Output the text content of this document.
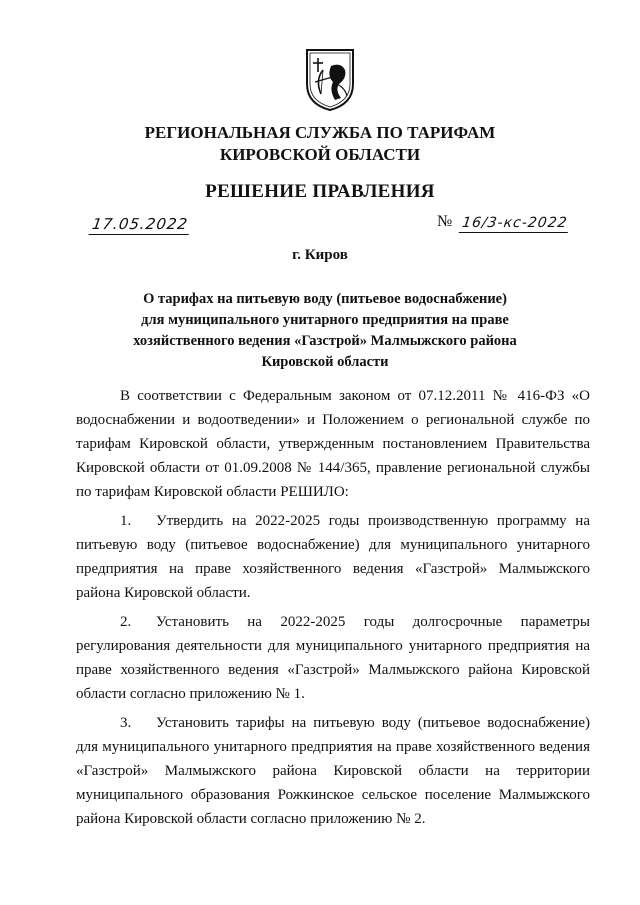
РЕГИОНАЛЬНАЯ СЛУЖБА ПО ТАРИФАМ
КИРОВСКОЙ ОБЛАСТИ
РЕШЕНИЕ ПРАВЛЕНИЯ
17.05.2022	№ 16/3-кс-2022
г. Киров
О тарифах на питьевую воду (питьевое водоснабжение)
для муниципального унитарного предприятия на праве
хозяйственного ведения «Газстрой» Малмыжского района
Кировской области

В соответствии с Федеральным законом от 07.12.2011 № 416-ФЗ «О водоснабжении и водоотведении» и Положением о региональной службе по тарифам Кировской области, утвержденным постановлением Правительства Кировской области от 01.09.2008 № 144/365, правление региональной службы по тарифам Кировской области РЕШИЛО:

1. Утвердить на 2022-2025 годы производственную программу на питьевую воду (питьевое водоснабжение) для муниципального унитарного предприятия на праве хозяйственного ведения «Газстрой» Малмыжского района Кировской области.

2. Установить на 2022-2025 годы долгосрочные параметры регулирования деятельности для муниципального унитарного предприятия на праве хозяйственного ведения «Газстрой» Малмыжского района Кировской области согласно приложению № 1.

3. Установить тарифы на питьевую воду (питьевое водоснабжение) для муниципального унитарного предприятия на праве хозяйственного ведения «Газстрой» Малмыжского района Кировской области на территории муниципального образования Рожкинское сельское поселение Малмыжского района Кировской области согласно приложению № 2.
